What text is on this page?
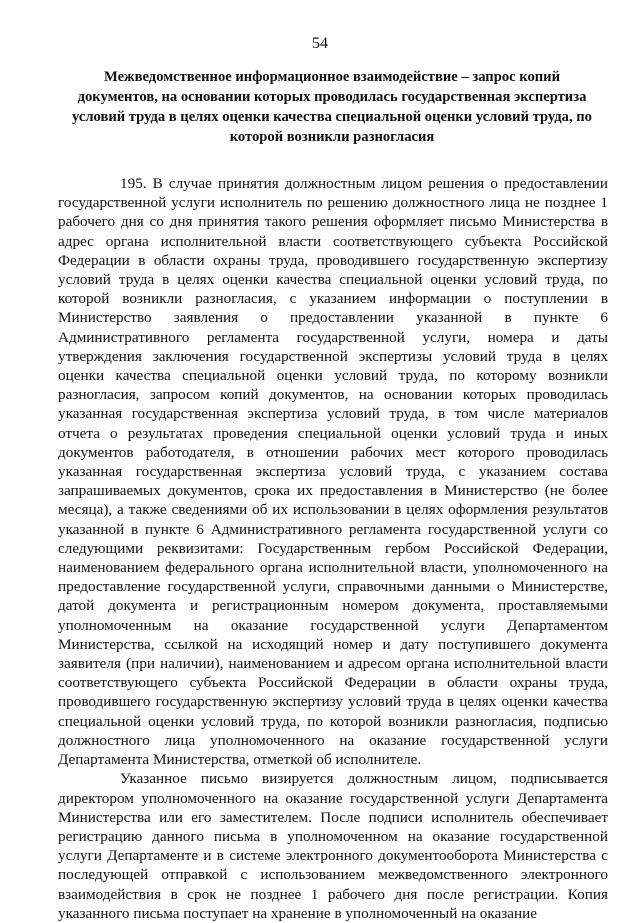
54
Межведомственное информационное взаимодействие – запрос копий документов, на основании которых проводилась государственная экспертиза условий труда в целях оценки качества специальной оценки условий труда, по которой возникли разногласия

195. В случае принятия должностным лицом решения о предоставлении государственной услуги исполнитель по решению должностного лица не позднее 1 рабочего дня со дня принятия такого решения оформляет письмо Министерства в адрес органа исполнительной власти соответствующего субъекта Российской Федерации в области охраны труда, проводившего государственную экспертизу условий труда в целях оценки качества специальной оценки условий труда, по которой возникли разногласия, с указанием информации о поступлении в Министерство заявления о предоставлении указанной в пункте 6 Административного регламента государственной услуги, номера и даты утверждения заключения государственной экспертизы условий труда в целях оценки качества специальной оценки условий труда, по которому возникли разногласия, запросом копий документов, на основании которых проводилась указанная государственная экспертиза условий труда, в том числе материалов отчета о результатах проведения специальной оценки условий труда и иных документов работодателя, в отношении рабочих мест которого проводилась указанная государственная экспертиза условий труда, с указанием состава запрашиваемых документов, срока их предоставления в Министерство (не более месяца), а также сведениями об их использовании в целях оформления результатов указанной в пункте 6 Административного регламента государственной услуги со следующими реквизитами: Государственным гербом Российской Федерации, наименованием федерального органа исполнительной власти, уполномоченного на предоставление государственной услуги, справочными данными о Министерстве, датой документа и регистрационным номером документа, проставляемыми уполномоченным на оказание государственной услуги Департаментом Министерства, ссылкой на исходящий номер и дату поступившего документа заявителя (при наличии), наименованием и адресом органа исполнительной власти соответствующего субъекта Российской Федерации в области охраны труда, проводившего государственную экспертизу условий труда в целях оценки качества специальной оценки условий труда, по которой возникли разногласия, подписью должностного лица уполномоченного на оказание государственной услуги Департамента Министерства, отметкой об исполнителе.

Указанное письмо визируется должностным лицом, подписывается директором уполномоченного на оказание государственной услуги Департамента Министерства или его заместителем. После подписи исполнитель обеспечивает регистрацию данного письма в уполномоченном на оказание государственной услуги Департаменте и в системе электронного документооборота Министерства с последующей отправкой с использованием межведомственного электронного взаимодействия в срок не позднее 1 рабочего дня после регистрации. Копия указанного письма поступает на хранение в уполномоченный на оказание
